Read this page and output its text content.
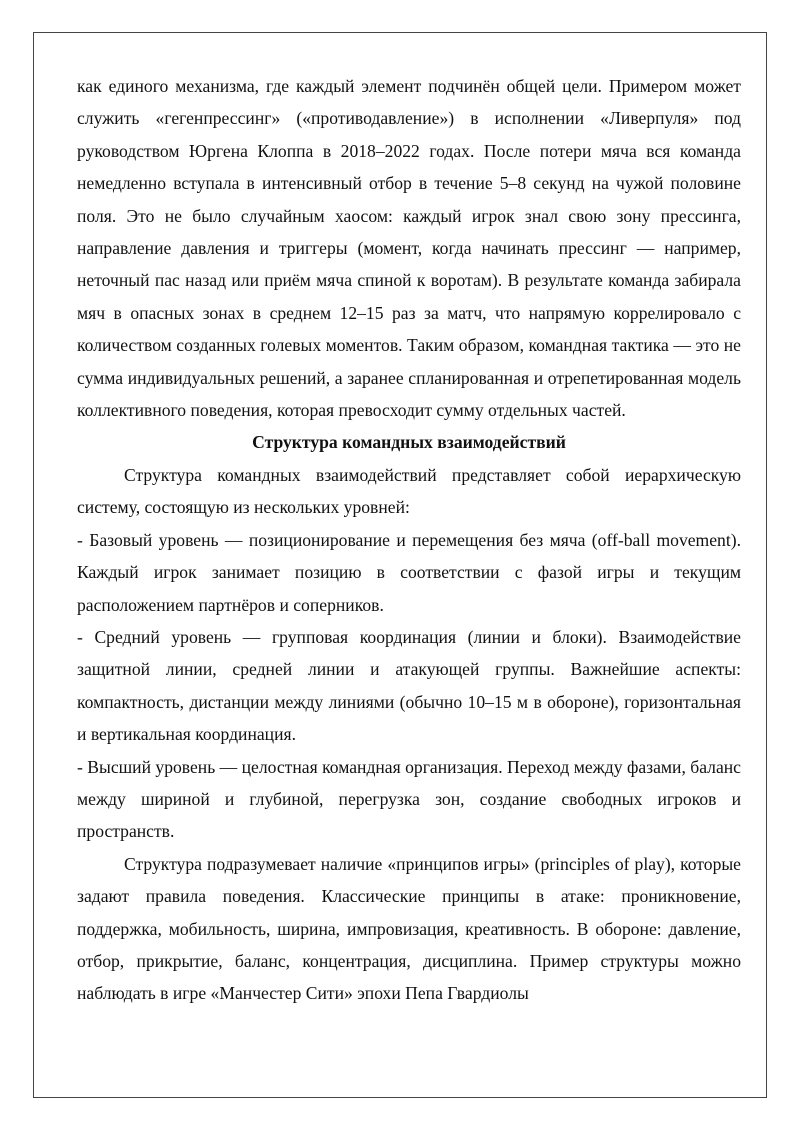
как единого механизма, где каждый элемент подчинён общей цели. Примером может служить «гегенпрессинг» («противодавление») в исполнении «Ливерпуля» под руководством Юргена Клоппа в 2018–2022 годах. После потери мяча вся команда немедленно вступала в интенсивный отбор в течение 5–8 секунд на чужой половине поля. Это не было случайным хаосом: каждый игрок знал свою зону прессинга, направление давления и триггеры (момент, когда начинать прессинг — например, неточный пас назад или приём мяча спиной к воротам). В результате команда забирала мяч в опасных зонах в среднем 12–15 раз за матч, что напрямую коррелировало с количеством созданных голевых моментов. Таким образом, командная тактика — это не сумма индивидуальных решений, а заранее спланированная и отрепетированная модель коллективного поведения, которая превосходит сумму отдельных частей.

Структура командных взаимодействий

Структура командных взаимодействий представляет собой иерархическую систему, состоящую из нескольких уровней:

- Базовый уровень — позиционирование и перемещения без мяча (off-ball movement). Каждый игрок занимает позицию в соответствии с фазой игры и текущим расположением партнёров и соперников.

- Средний уровень — групповая координация (линии и блоки). Взаимодействие защитной линии, средней линии и атакующей группы. Важнейшие аспекты: компактность, дистанции между линиями (обычно 10–15 м в обороне), горизонтальная и вертикальная координация.

- Высший уровень — целостная командная организация. Переход между фазами, баланс между шириной и глубиной, перегрузка зон, создание свободных игроков и пространств.

Структура подразумевает наличие «принципов игры» (principles of play), которые задают правила поведения. Классические принципы в атаке: проникновение, поддержка, мобильность, ширина, импровизация, креативность. В обороне: давление, отбор, прикрытие, баланс, концентрация, дисциплина. Пример структуры можно наблюдать в игре «Манчестер Сити» эпохи Пепа Гвардиолы
